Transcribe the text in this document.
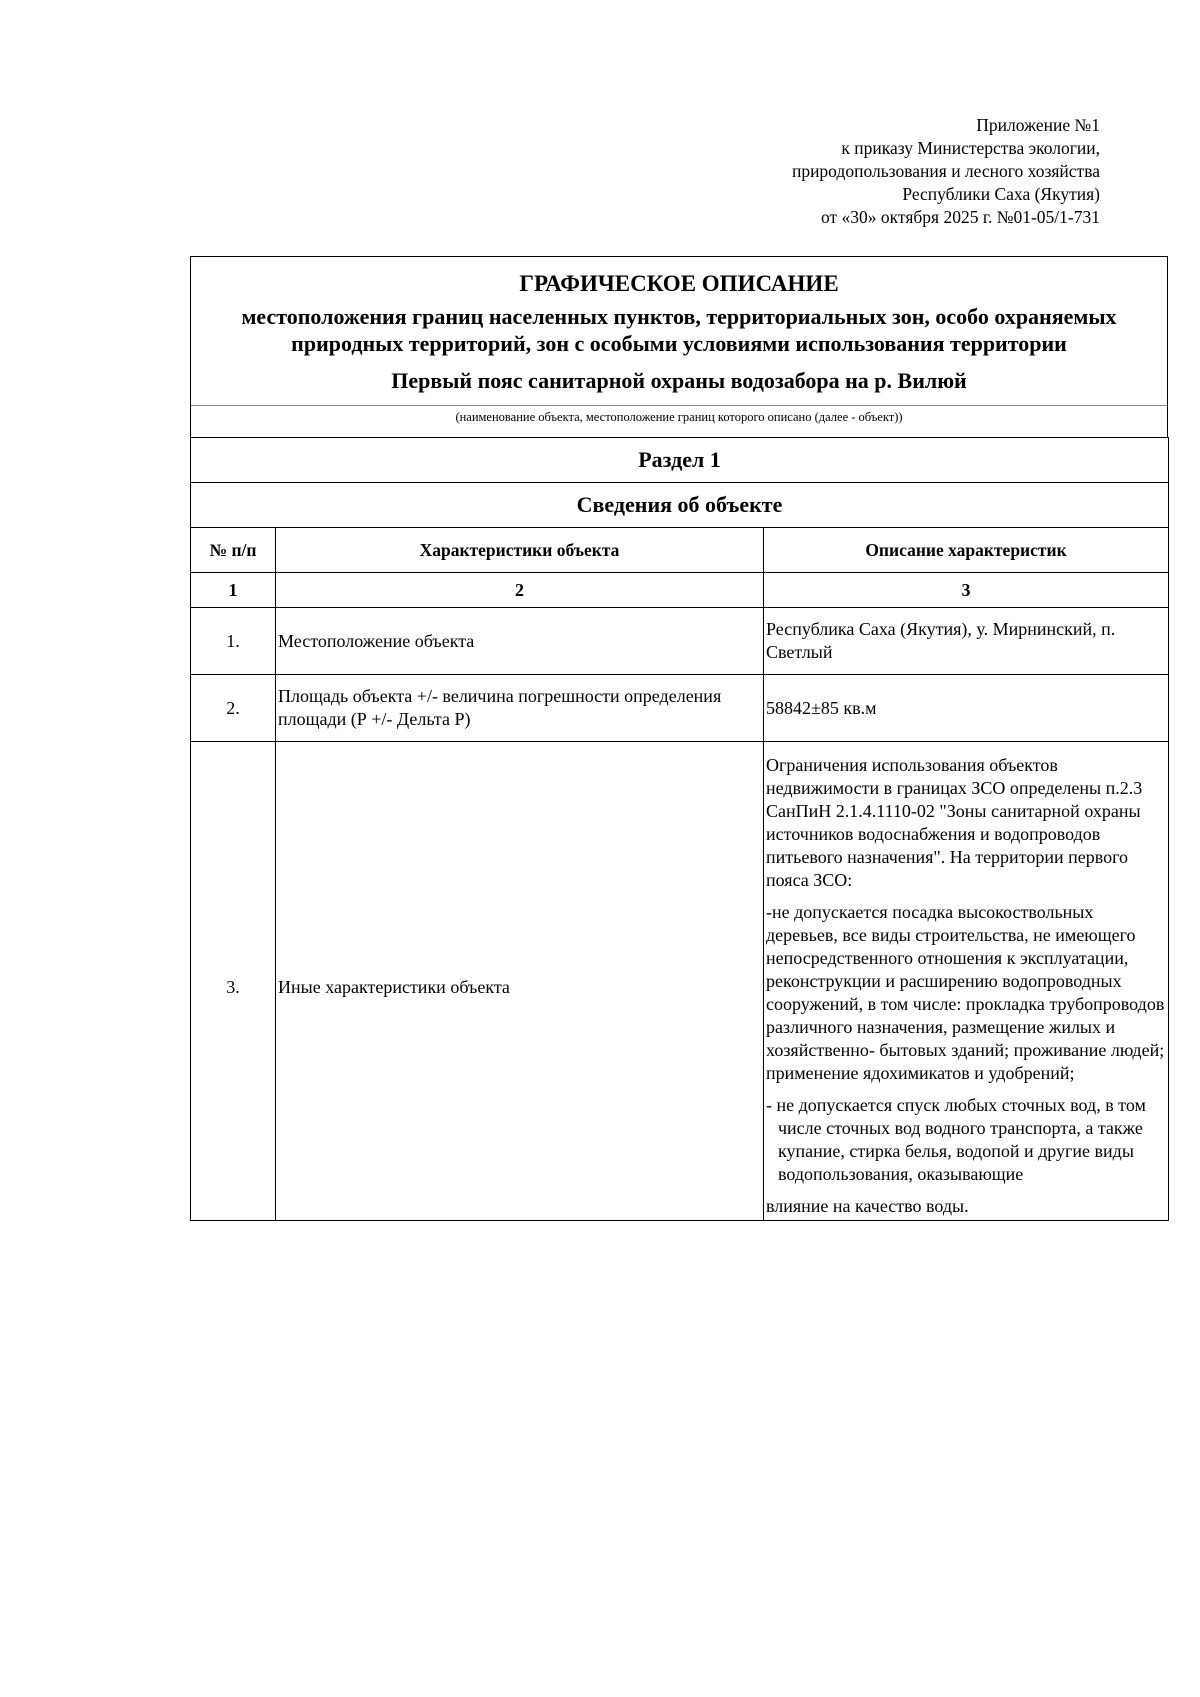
Приложение №1
к приказу Министерства экологии,
природопользования и лесного хозяйства
Республики Саха (Якутия)
от «30» октября 2025 г. №01-05/1-731
ГРАФИЧЕСКОЕ ОПИСАНИЕ
местоположения границ населенных пунктов, территориальных зон, особо охраняемых природных территорий, зон с особыми условиями использования территории
Первый пояс санитарной охраны водозабора на р. Вилюй
(наименование объекта, местоположение границ которого описано (далее - объект))
Раздел 1		
Сведения об объекте		
№ п/п	Характеристики объекта	Описание характеристик
1	2	3
1.	Местоположение объекта	Республика Саха (Якутия), у. Мирнинский, п. Светлый
2.	Площадь объекта +/- величина погрешности определения площади (Р +/- Дельта Р)	58842±85 кв.м
3.	Иные характеристики объекта	Ограничения использования объектов недвижимости в границах ЗСО определены п.2.3 СанПиН 2.1.4.1110-02 "Зоны санитарной охраны источников водоснабжения и водопроводов питьевого назначения". На территории первого пояса ЗСО:

-не допускается посадка высокоствольных деревьев, все виды строительства, не имеющего непосредственного отношения к эксплуатации, реконструкции и расширению водопроводных сооружений, в том числе: прокладка трубопроводов различного назначения, размещение жилых и хозяйственно- бытовых зданий; проживание людей; применение ядохимикатов и удобрений;

- не допускается спуск любых сточных вод, в том числе сточных вод водного транспорта, а также купание, стирка белья, водопой и другие виды водопользования, оказывающие

влияние на качество воды.
